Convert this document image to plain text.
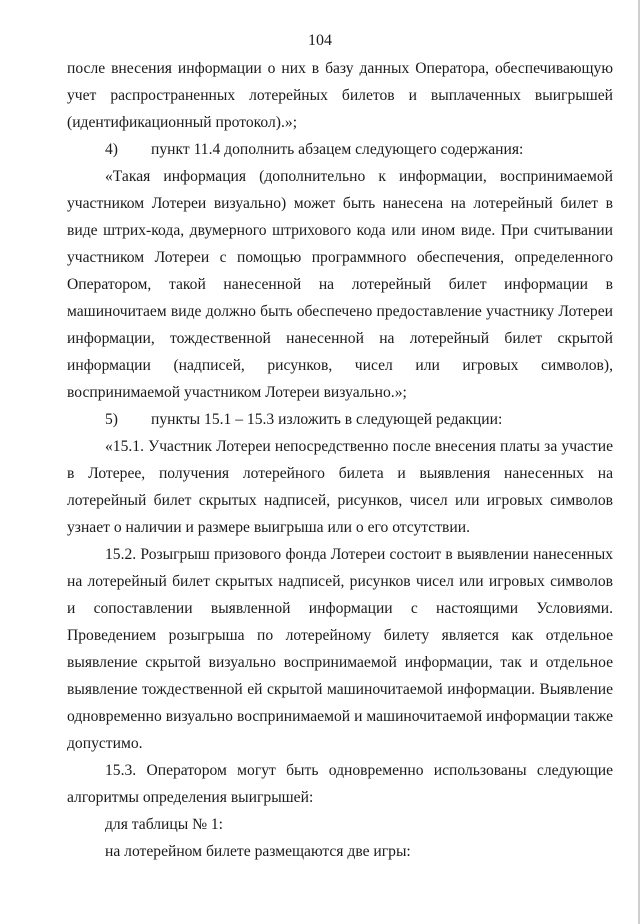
104

после внесения информации о них в базу данных Оператора, обеспечивающую учет распространенных лотерейных билетов и выплаченных выигрышей (идентификационный протокол).»;

4) пункт 11.4 дополнить абзацем следующего содержания:

«Такая информация (дополнительно к информации, воспринимаемой участником Лотереи визуально) может быть нанесена на лотерейный билет в виде штрих-кода, двумерного штрихового кода или ином виде. При считывании участником Лотереи с помощью программного обеспечения, определенного Оператором, такой нанесенной на лотерейный билет информации в машиночитаем виде должно быть обеспечено предоставление участнику Лотереи информации, тождественной нанесенной на лотерейный билет скрытой информации (надписей, рисунков, чисел или игровых символов), воспринимаемой участником Лотереи визуально.»;

5) пункты 15.1 – 15.3 изложить в следующей редакции:

«15.1. Участник Лотереи непосредственно после внесения платы за участие в Лотерее, получения лотерейного билета и выявления нанесенных на лотерейный билет скрытых надписей, рисунков, чисел или игровых символов узнает о наличии и размере выигрыша или о его отсутствии.

15.2. Розыгрыш призового фонда Лотереи состоит в выявлении нанесенных на лотерейный билет скрытых надписей, рисунков чисел или игровых символов и сопоставлении выявленной информации с настоящими Условиями. Проведением розыгрыша по лотерейному билету является как отдельное выявление скрытой визуально воспринимаемой информации, так и отдельное выявление тождественной ей скрытой машиночитаемой информации. Выявление одновременно визуально воспринимаемой и машиночитаемой информации также допустимо.

15.3. Оператором могут быть одновременно использованы следующие алгоритмы определения выигрышей:

для таблицы № 1:

на лотерейном билете размещаются две игры:
